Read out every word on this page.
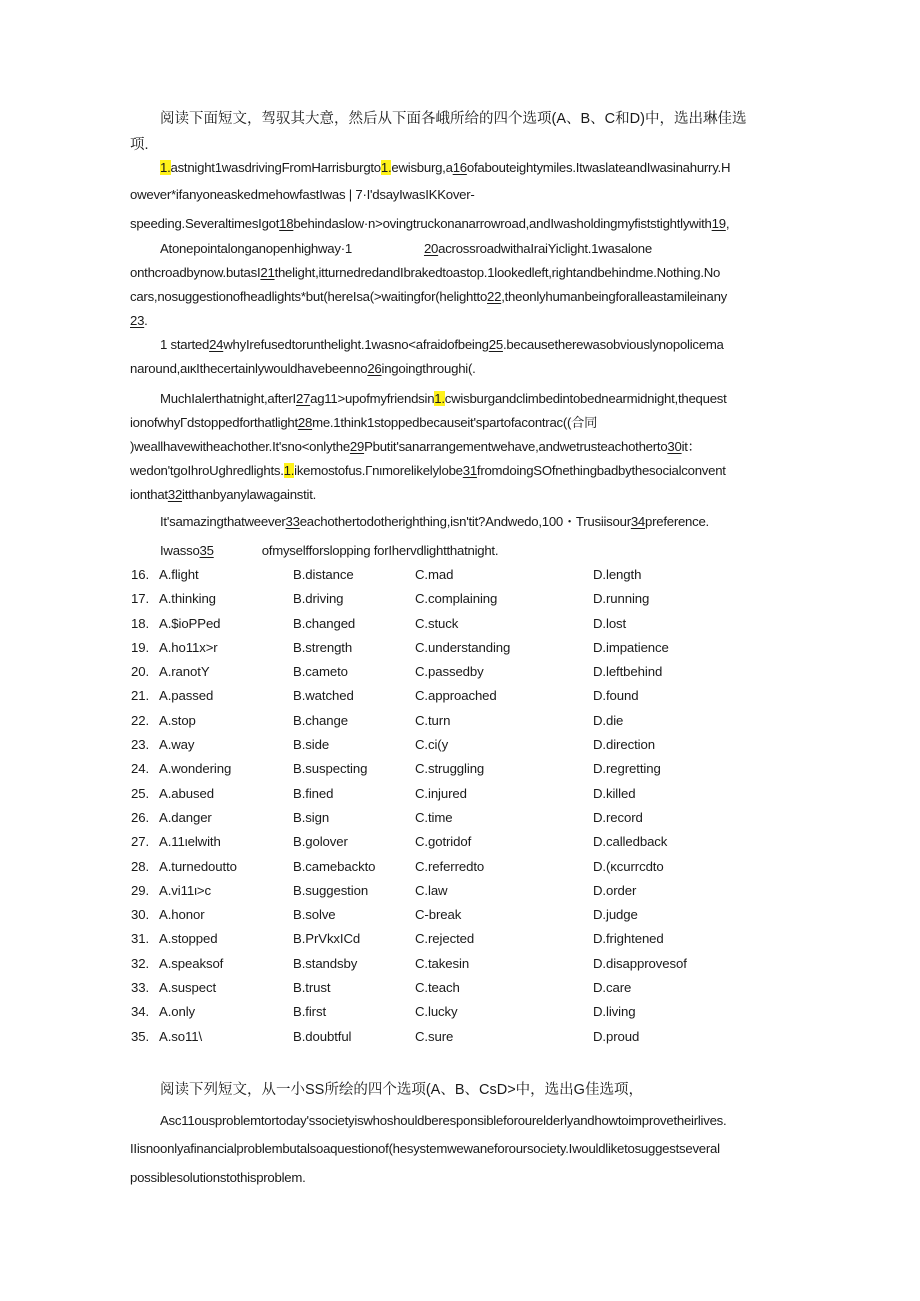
阅读下面短文，驾驭其大意，然后从下面各峨所给的四个选项(A、B、C和D)中，选出琳佳选
项.
1.astnight1wasdrivingFromHarrisburgto1.ewisburg,a16ofabouteightymiles.ItwaslateandIwasinahurry.H
owever*ifanyoneaskedmehowfastIwas | 7·I'dsayIwasIKKover-
speeding.SeveraltimesIgot18behindaslow·n>ovingtruckonanarrowroad,andIwasholdingmyfiststightlywith19,
Atonepointalonganopenhighway·1	20acrossroadwithaIraiYiclight.1wasalone
onthcroadbynow.butasI21thelight,itturnedredandIbrakedtoastop.1lookedleft,rightandbehindme.Nothing.No
cars,nosuggestionofheadlights*but(hereIsa(>waitingfor(helightto22,theonlyhumanbeingforalleastamileinany
23.
1 started24whyIrefusedtorunthelight.1wasno<afraidofbeing25.becausetherewasobviouslynopolicema
naround,aικIthecertainlywouldhavebeenno26ingoingthroughi(.
MuchIalerthatnight,afterI27ag11>upofmyfriendsin1.cwisburgandclimbedintobednearmidnight,thequest
ionofwhyΓdstoppedforthatlight28me.1think1stoppedbecauseit'spartofacontrac((合同
)weallhavewitheachother.It'sno<onlythe29Pbutit'sanarrangementwehave,andwetrusteachotherto30it：
wedon'tgoIhroUghredlights.1.ikemostofus.Γnιmorelikelylobe31fromdoingSOfnethingbadbythesocialconvent
ionthat32itthanbyanylawagainstit.
It'samazingthatweever33eachothertodotherighthing,isn'tit?Andwedo,100・Trusiisour34preference.
Iwasso35	ofmyselfforslopping forIhervdlightthatnight.
16. A.flight	B.distance	C.mad	D.length
17. A.thinking	B.driving	C.complaining	D.running
18. A.$ioPPed	B.changed	C.stuck	D.lost
19. A.ho11x>r	B.strength	C.understanding	D.impatience
20. A.ranotY	B.cameto	C.passedby	D.leftbehind
21. A.passed	B.watched	C.approached	D.found
22. A.stop	B.change	C.turn	D.die
23. A.way	B.side	C.ci(y	D.direction
24. A.wondering	B.suspecting	C.struggling	D.regretting
25. A.abused	B.fined	C.injured	D.killed
26. A.danger	B.sign	C.time	D.record
27. A.11ιelwith	B.golover	C.gotridof	D.calledback
28. A.turnedoutto	B.camebackto	C.referredto	D.(κcurrcdto
29. A.vi11ι>c	B.suggestion	C.law	D.order
30. A.honor	B.solve	C-break	D.judge
31. A.stopped	B.PrVkxICd	C.rejected	D.frightened
32. A.speaksof	B.standsby	C.takesin	D.disapprovesof
33. A.suspect	B.trust	C.teach	D.care
34. A.only	B.first	C.lucky	D.living
35. A.so11\	B.doubtful	C.sure	D.proud
阅读下列短文，从一小SS所绘的四个选项(A、B、CsD>中，选出G佳选项，
Asc11ousproblemtortoday'ssocietyiswhoshouldberesponsibleforourelderlyandhowtoimprovetheirlives.
IIisnoonlyafinancialproblembutalsoaquestionof(hesystemwewaneforoursociety.Iwouldliketosuggestseveral
possiblesolutionstothisproblem.
